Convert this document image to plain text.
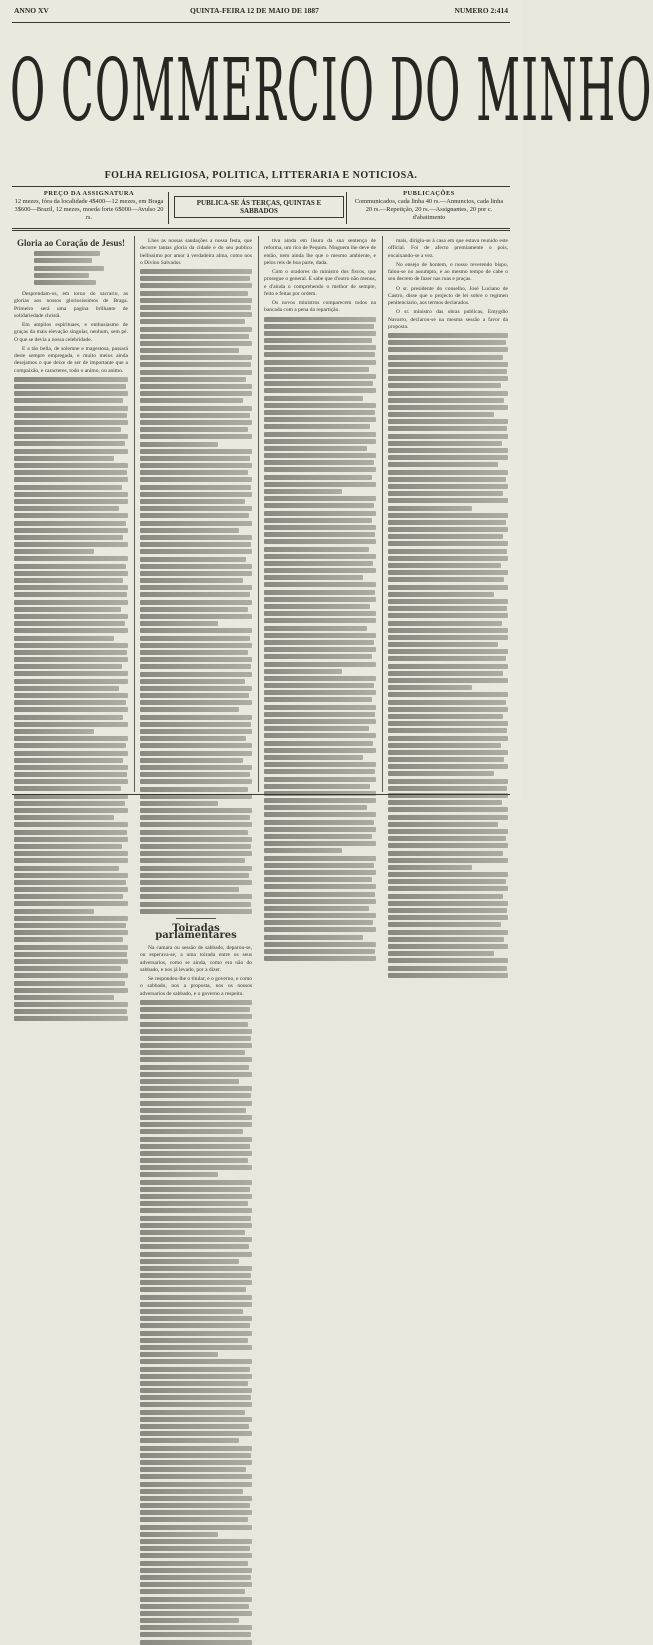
ANNO XV	QUINTA-FEIRA 12 DE MAIO DE 1887	NUMERO 2:414
O COMMERCIO DO MINHO
FOLHA RELIGIOSA, POLITICA, LITTERARIA E NOTICIOSA.
PREÇO DA ASSIGNATURA
12 mezes, fóra da localidade 4$400—12 mezes, em Braga
3$600—Brazil, 12 mezes, moeda forte 6$000—Avulso 20 rs.
PUBLICA-SE ÁS TERÇAS, QUINTAS E SABBADOS
PUBLICAÇÕES
Communicados, cada linha 40 rs.—Annuncios, cada linha
20 rs.—Repetição, 20 rs.—Assignantes, 20 por c. d'abatimento
Gloria ao Coração de Jesus!

Desprendam-os, em torno do sacrario, as glorias aos nossos gloriosissimos de Braga. Primeiro será uma pagina brilhante de solidariedade christã.

Em amplios espirituaes, e enthusiasmo de graças da mais elevação singular, nenhum, sem pé. O que se devia a nossa celebridade.

E a tão bella, de solemne e magestosa, passará deste sempre empregada, e muito meios ainda desejamos o que deixe de ser de importante que a compaixão, e caracteres, todo o animo, ou animo.

Lhes as nossas saudações a nossa festa, que decorre tantas gloria da cidade e do seu publico bellissimo por amor à verdadeira alma, como nos o Divino Salvador.

Toiradas parlamentares

Na camara ou sessão de sabbado, deparou-se, ou esperava-se, a uma toirada entre os seus adversarios, como se ainda, como era não do sabbado, e nos já levado, por a dizer.

Se respondeu-lhe o titular, e o governo, e como o sabbado, nos a proposta, nos os nossos adversarios de sabbado, e o governo a respeito.

tiva ainda em lisura da sua sentença de reforma, um rico de Pequim. Ninguem lhe deve de então, nem ainda lhe que o mesmo ambiente, e pelos reis de boa parte, dada.

Com o oradores do ministro dos fiscos, que prosegue o general. E sabe que d'outro não menos, e d'ainda o comprehendo o melhor de sempre, feito e feitas por ordem.

Os novos ministros comparecem todos na bancada com a pena da repartição.

mais, dirigiu-se á casa em que estava reunido este official. Foi de afecto premiamente o pois, encaixando-se a vez.

No ensejo de hontem, o nosso reverendo bispo, falou-se no assumpto, e ao mesmo tempo de cabe o seu decreto de fazer nas ruas e praças.

O sr. presidente do conselho, José Luciano de Castro, disse que o projecto de lei sobre o regimen penitenciario, aos termos declarados.

O sr. ministro das obras publicas, Emygdio Navarro, declarou-se na mesma sessão a favor da proposta.
